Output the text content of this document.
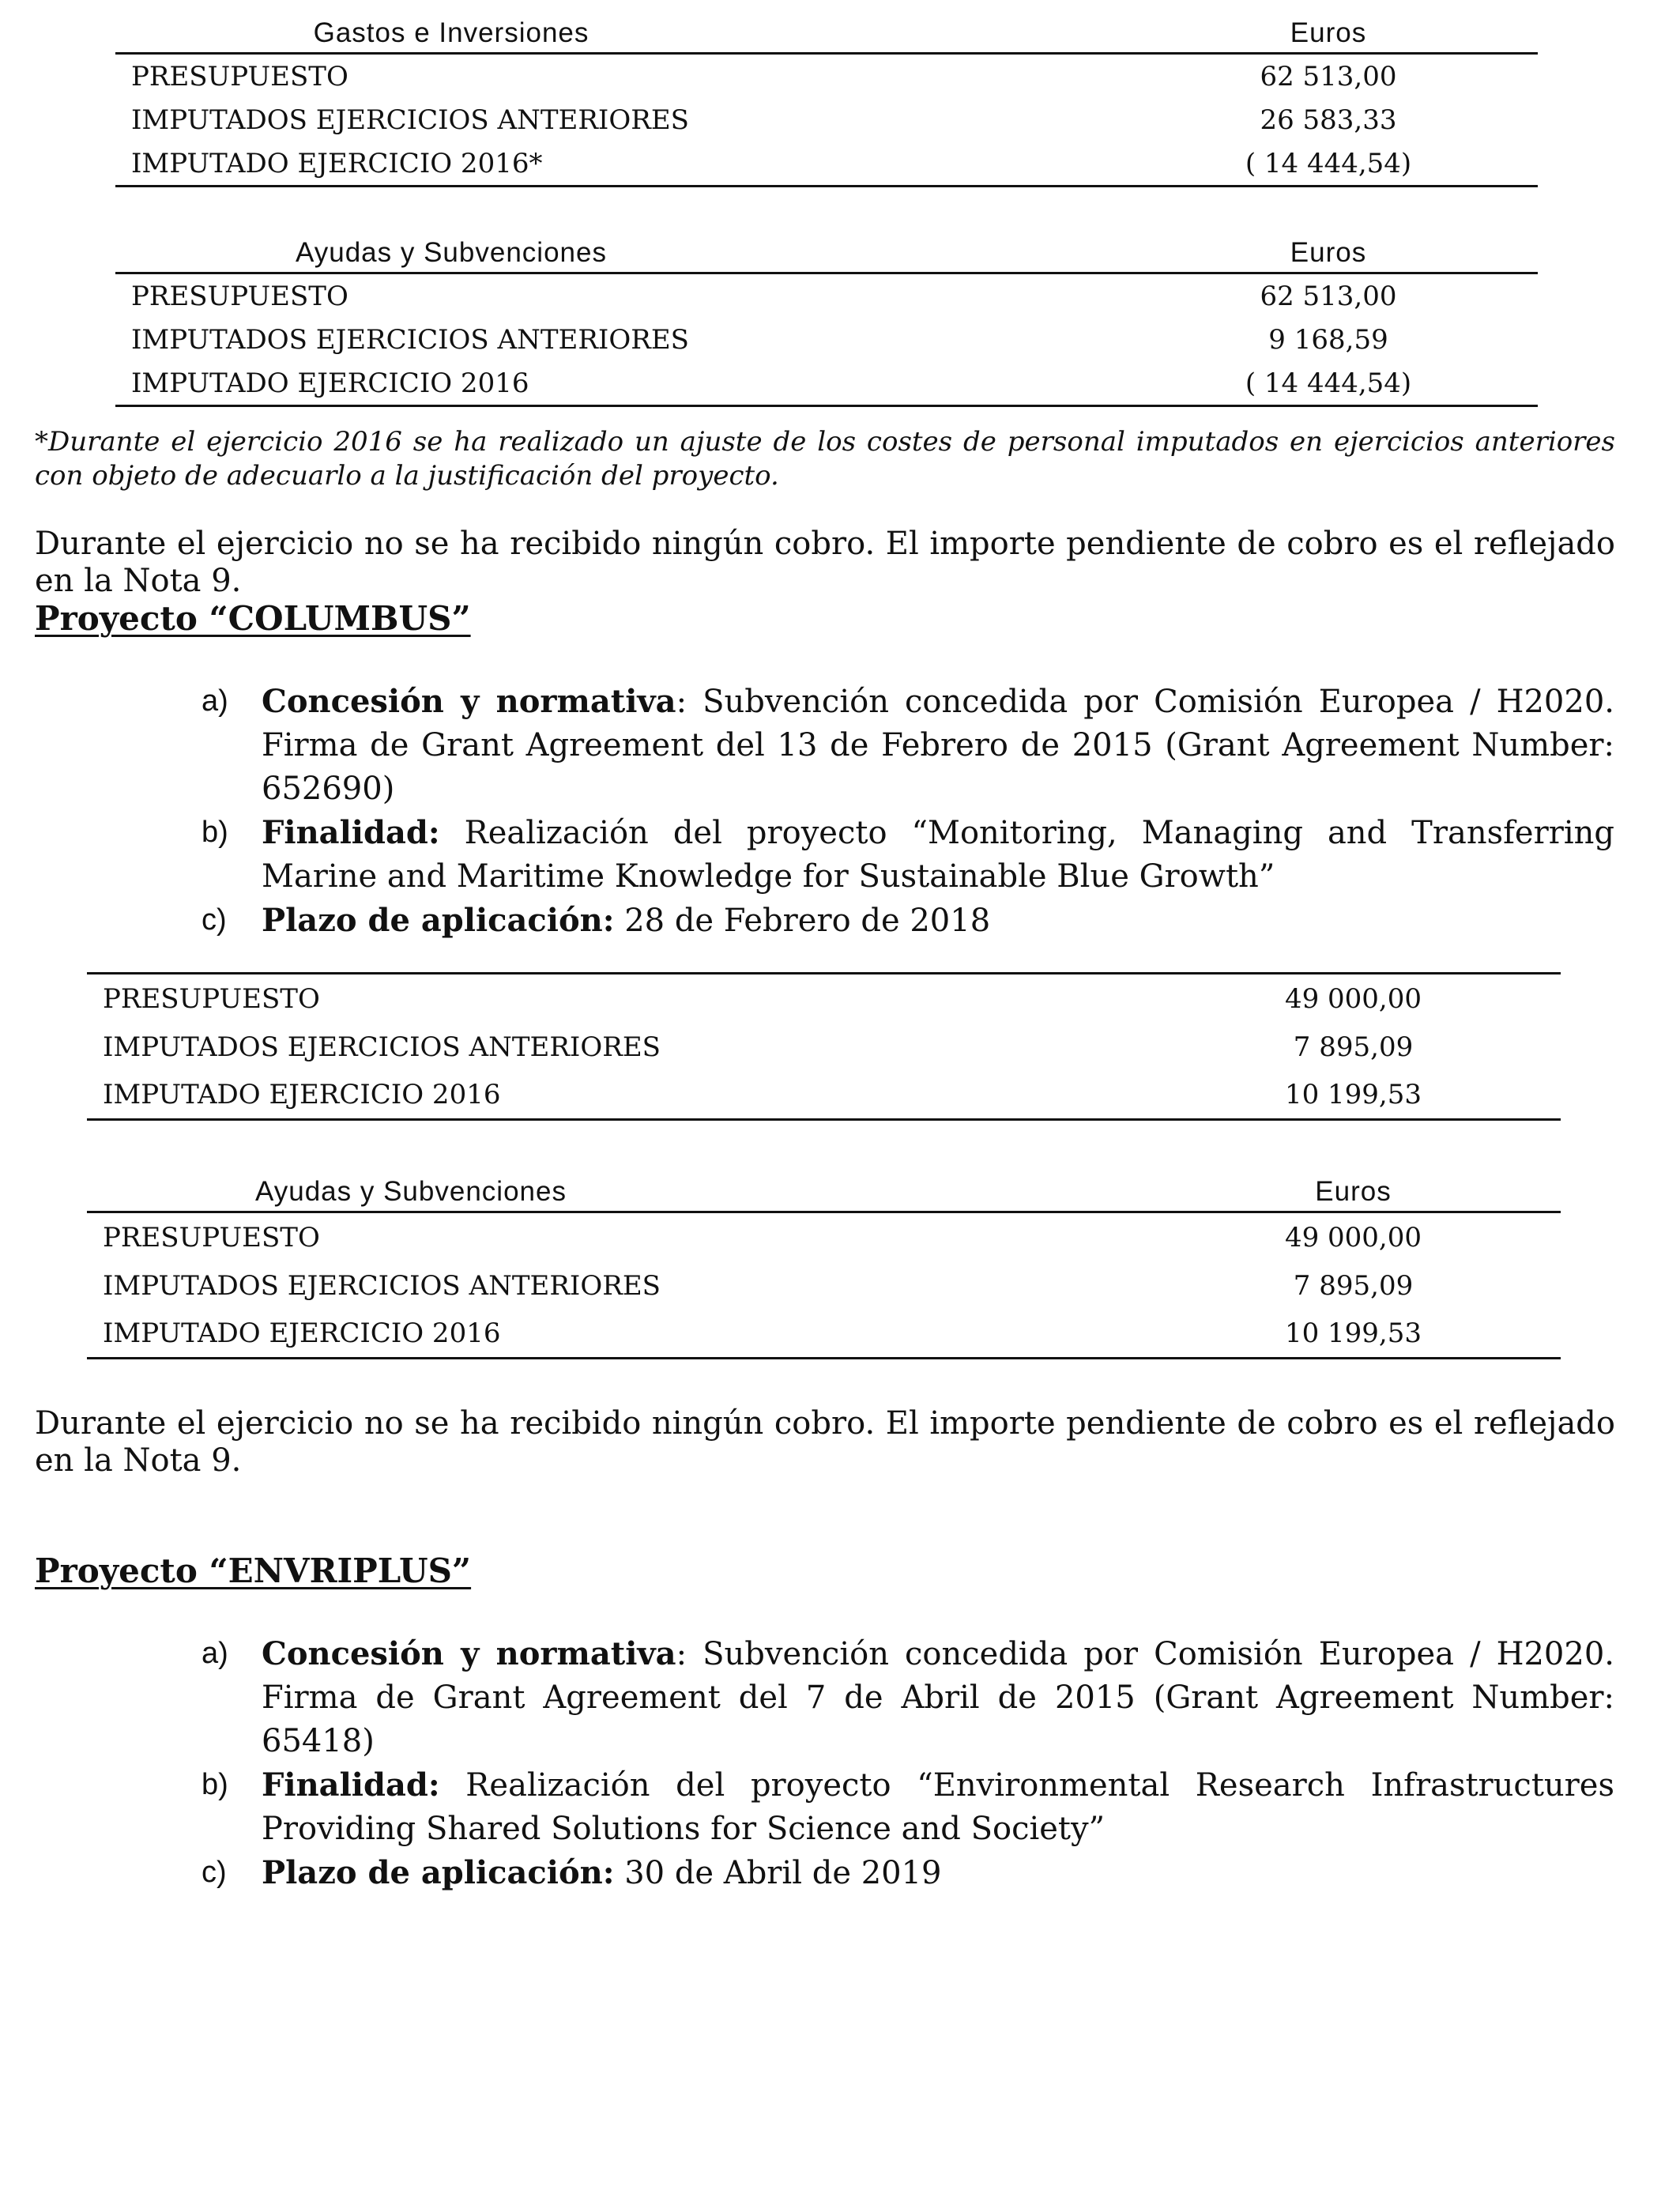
Gastos e Inversiones	Euros
PRESUPUESTO	62 513,00
IMPUTADOS EJERCICIOS ANTERIORES	26 583,33
IMPUTADO EJERCICIO 2016*	( 14 444,54)
Ayudas y Subvenciones	Euros
PRESUPUESTO	62 513,00
IMPUTADOS EJERCICIOS ANTERIORES	9 168,59
IMPUTADO EJERCICIO 2016	( 14 444,54)
*Durante el ejercicio 2016 se ha realizado un ajuste de los costes de personal imputados en ejercicios anteriores con objeto de adecuarlo a la justificación del proyecto.
Durante el ejercicio no se ha recibido ningún cobro. El importe pendiente de cobro es el reflejado en la Nota 9.
Proyecto “COLUMBUS”
a) Concesión y normativa: Subvención concedida por Comisión Europea / H2020. Firma de Grant Agreement del 13 de Febrero de 2015 (Grant Agreement Number: 652690)
b) Finalidad: Realización del proyecto “Monitoring, Managing and Transferring Marine and Maritime Knowledge for Sustainable Blue Growth”
c) Plazo de aplicación: 28 de Febrero de 2018
PRESUPUESTO	49 000,00
IMPUTADOS EJERCICIOS ANTERIORES	7 895,09
IMPUTADO EJERCICIO 2016	10 199,53
Ayudas y Subvenciones	Euros
PRESUPUESTO	49 000,00
IMPUTADOS EJERCICIOS ANTERIORES	7 895,09
IMPUTADO EJERCICIO 2016	10 199,53
Durante el ejercicio no se ha recibido ningún cobro. El importe pendiente de cobro es el reflejado en la Nota 9.
Proyecto “ENVRIPLUS”
a) Concesión y normativa: Subvención concedida por Comisión Europea / H2020. Firma de Grant Agreement del 7 de Abril de 2015 (Grant Agreement Number: 65418)
b) Finalidad: Realización del proyecto “Environmental Research Infrastructures Providing Shared Solutions for Science and Society”
c) Plazo de aplicación: 30 de Abril de 2019
